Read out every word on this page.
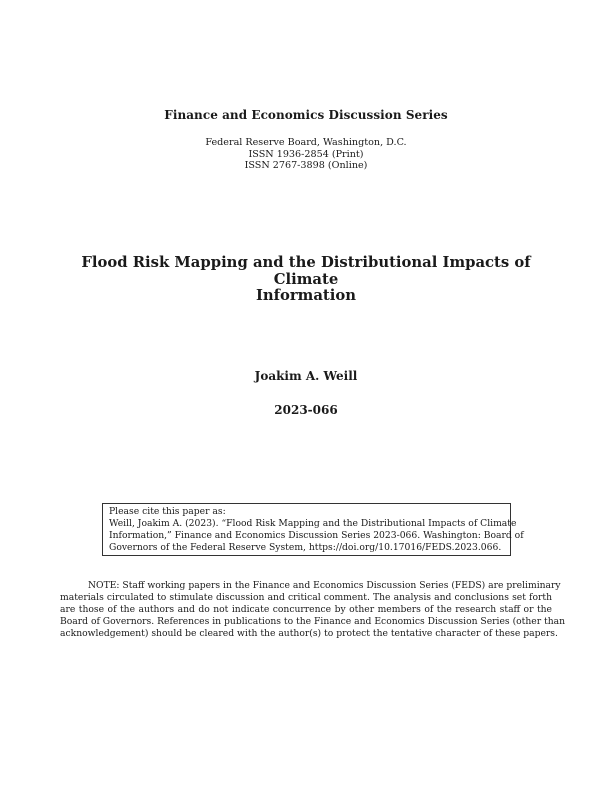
Finance and Economics Discussion Series
Federal Reserve Board, Washington, D.C.
ISSN 1936-2854 (Print)
ISSN 2767-3898 (Online)
Flood Risk Mapping and the Distributional Impacts of Climate
Information
Joakim A. Weill
2023-066
Please cite this paper as:
Weill, Joakim A. (2023). “Flood Risk Mapping and the Distributional Impacts of Climate
Information,” Finance and Economics Discussion Series 2023-066. Washington: Board of
Governors of the Federal Reserve System, https://doi.org/10.17016/FEDS.2023.066.
NOTE: Staff working papers in the Finance and Economics Discussion Series (FEDS) are preliminary
materials circulated to stimulate discussion and critical comment. The analysis and conclusions set forth
are those of the authors and do not indicate concurrence by other members of the research staff or the
Board of Governors. References in publications to the Finance and Economics Discussion Series (other than
acknowledgement) should be cleared with the author(s) to protect the tentative character of these papers.
